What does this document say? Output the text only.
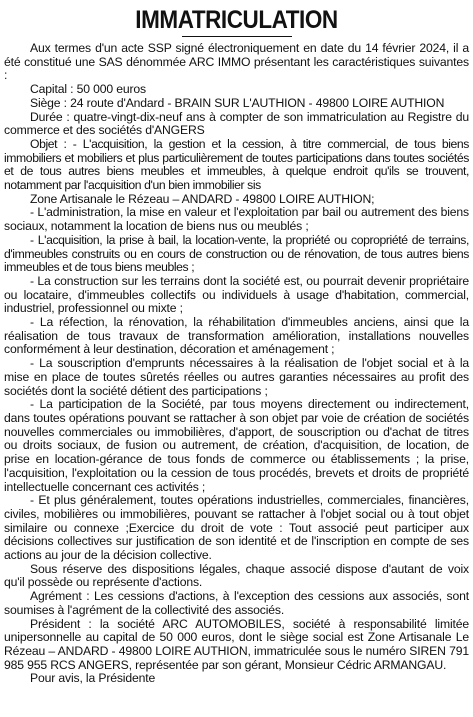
IMMATRICULATION

Aux termes d'un acte SSP signé électroniquement en date du 14 février 2024, il a été constitué une SAS dénommée ARC IMMO présentant les caractéristiques suivantes :

Capital : 50 000 euros

Siège : 24 route d'Andard - BRAIN SUR L'AUTHION - 49800 LOIRE AUTHION

Durée : quatre-vingt-dix-neuf ans à compter de son immatriculation au Registre du commerce et des sociétés d'ANGERS

Objet : - L'acquisition, la gestion et la cession, à titre commercial, de tous biens immobiliers et mobiliers et plus particulièrement de toutes participations dans toutes sociétés et de tous autres biens meubles et immeubles, à quelque endroit qu'ils se trouvent, notamment par l'acquisition d'un bien immobilier sis

Zone Artisanale le Rézeau – ANDARD - 49800 LOIRE AUTHION;

- L'administration, la mise en valeur et l'exploitation par bail ou autrement des biens sociaux, notamment la location de biens nus ou meublés ;

- L'acquisition, la prise à bail, la location-vente, la propriété ou copropriété de terrains, d'immeubles construits ou en cours de construction ou de rénovation, de tous autres biens immeubles et de tous biens meubles ;

- La construction sur les terrains dont la société est, ou pourrait devenir propriétaire ou locataire, d'immeubles collectifs ou individuels à usage d'habitation, commercial, industriel, professionnel ou mixte ;

- La réfection, la rénovation, la réhabilitation d'immeubles anciens, ainsi que la réalisation de tous travaux de transformation amélioration, installations nouvelles conformément à leur destination, décoration et aménagement ;

- La souscription d'emprunts nécessaires à la réalisation de l'objet social et à la mise en place de toutes sûretés réelles ou autres garanties nécessaires au profit des sociétés dont la société détient des participations ;

- La participation de la Société, par tous moyens directement ou indirectement, dans toutes opérations pouvant se rattacher à son objet par voie de création de sociétés nouvelles commerciales ou immobilières, d'apport, de souscription ou d'achat de titres ou droits sociaux, de fusion ou autrement, de création, d'acquisition, de location, de prise en location-gérance de tous fonds de commerce ou établissements ; la prise, l'acquisition, l'exploitation ou la cession de tous procédés, brevets et droits de propriété intellectuelle concernant ces activités ;

- Et plus généralement, toutes opérations industrielles, commerciales, financières, civiles, mobilières ou immobilières, pouvant se rattacher à l'objet social ou à tout objet similaire ou connexe ;Exercice du droit de vote : Tout associé peut participer aux décisions collectives sur justification de son identité et de l'inscription en compte de ses actions au jour de la décision collective.

Sous réserve des dispositions légales, chaque associé dispose d'autant de voix qu'il possède ou représente d'actions.

Agrément : Les cessions d'actions, à l'exception des cessions aux associés, sont soumises à l'agrément de la collectivité des associés.

Président : la société ARC AUTOMOBILES, société à responsabilité limitée unipersonnelle au capital de 50 000 euros, dont le siège social est Zone Artisanale Le Rézeau – ANDARD - 49800 LOIRE AUTHION, immatriculée sous le numéro SIREN 791 985 955 RCS ANGERS, représentée par son gérant, Monsieur Cédric ARMANGAU.

Pour avis, la Présidente
